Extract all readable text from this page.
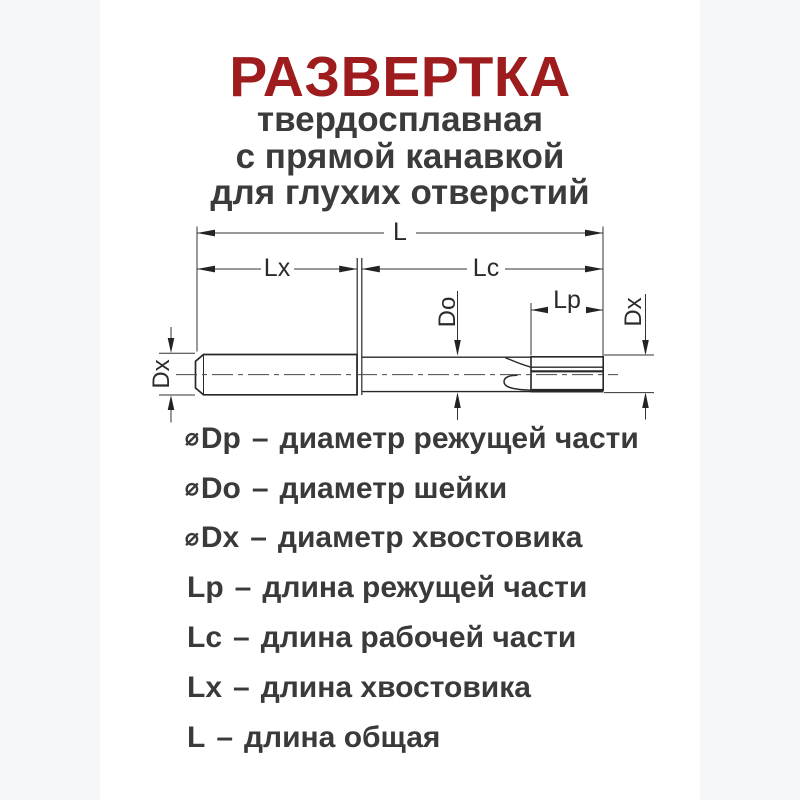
РАЗВЕРТКА
твердосплавная
с прямой канавкой
для глухих отверстий
L
Lx	Lc
Do	Lp Dx
Dx
⌀ Dp – диаметр режущей части
⌀ Do – диаметр шейки
⌀ Dx – диаметр хвостовика
Lp – длина режущей части
Lc – длина рабочей части
Lx – длина хвостовика
L – длина общая
